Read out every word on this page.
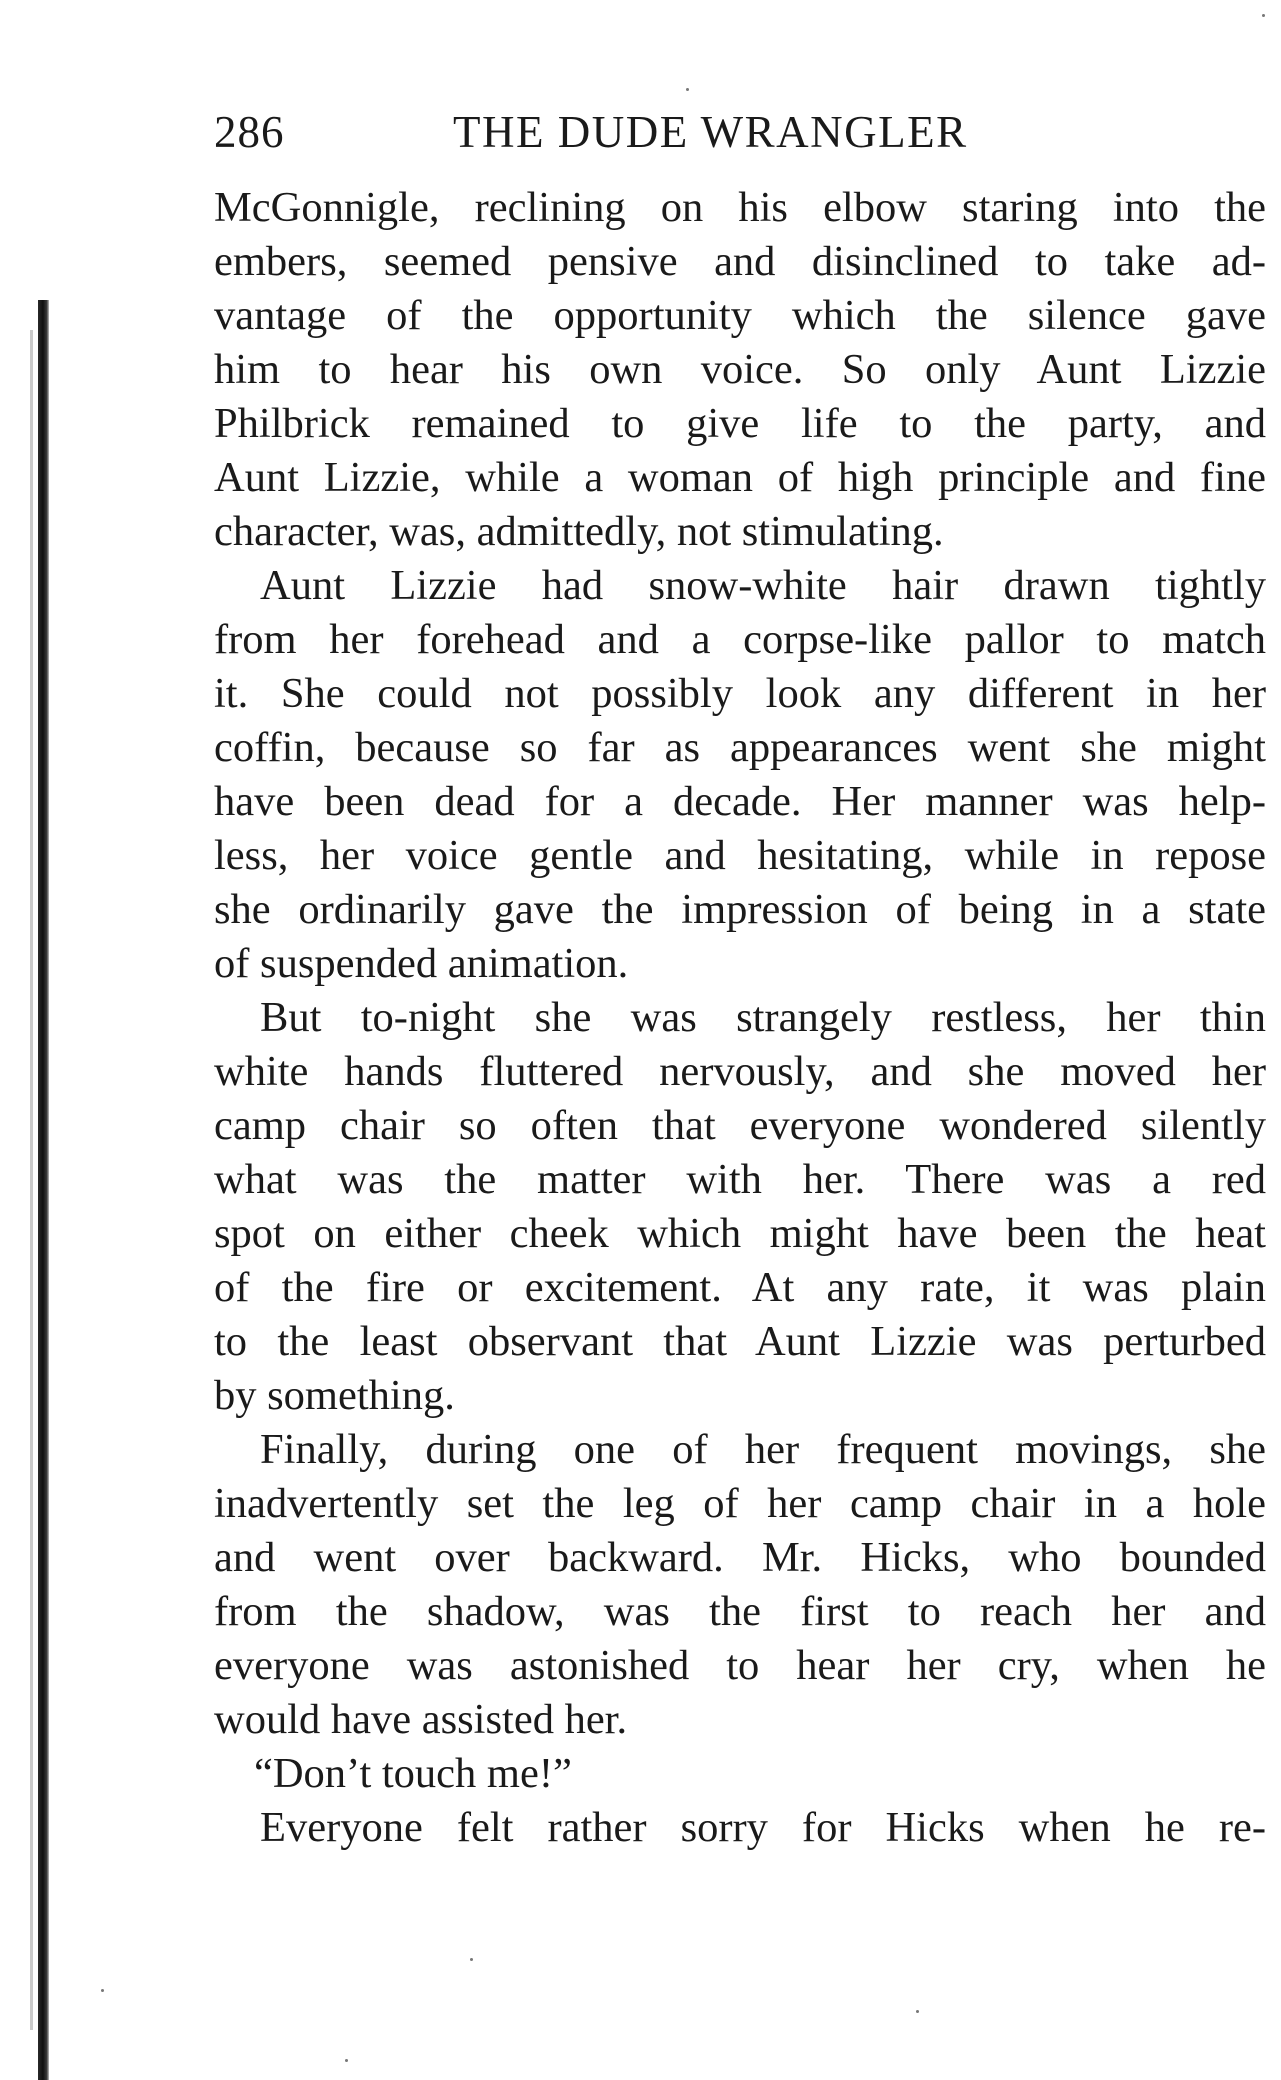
286	THE DUDE WRANGLER
McGonnigle, reclining on his elbow staring into the
embers, seemed pensive and disinclined to take ad-
vantage of the opportunity which the silence gave
him to hear his own voice. So only Aunt Lizzie
Philbrick remained to give life to the party, and
Aunt Lizzie, while a woman of high principle and fine
character, was, admittedly, not stimulating.
Aunt Lizzie had snow-white hair drawn tightly
from her forehead and a corpse-like pallor to match
it. She could not possibly look any different in her
coffin, because so far as appearances went she might
have been dead for a decade. Her manner was help-
less, her voice gentle and hesitating, while in repose
she ordinarily gave the impression of being in a state
of suspended animation.
But to-night she was strangely restless, her thin
white hands fluttered nervously, and she moved her
camp chair so often that everyone wondered silently
what was the matter with her. There was a red
spot on either cheek which might have been the heat
of the fire or excitement. At any rate, it was plain
to the least observant that Aunt Lizzie was perturbed
by something.
Finally, during one of her frequent movings, she
inadvertently set the leg of her camp chair in a hole
and went over backward. Mr. Hicks, who bounded
from the shadow, was the first to reach her and
everyone was astonished to hear her cry, when he
would have assisted her.
“Don’t touch me!”
Everyone felt rather sorry for Hicks when he re-
